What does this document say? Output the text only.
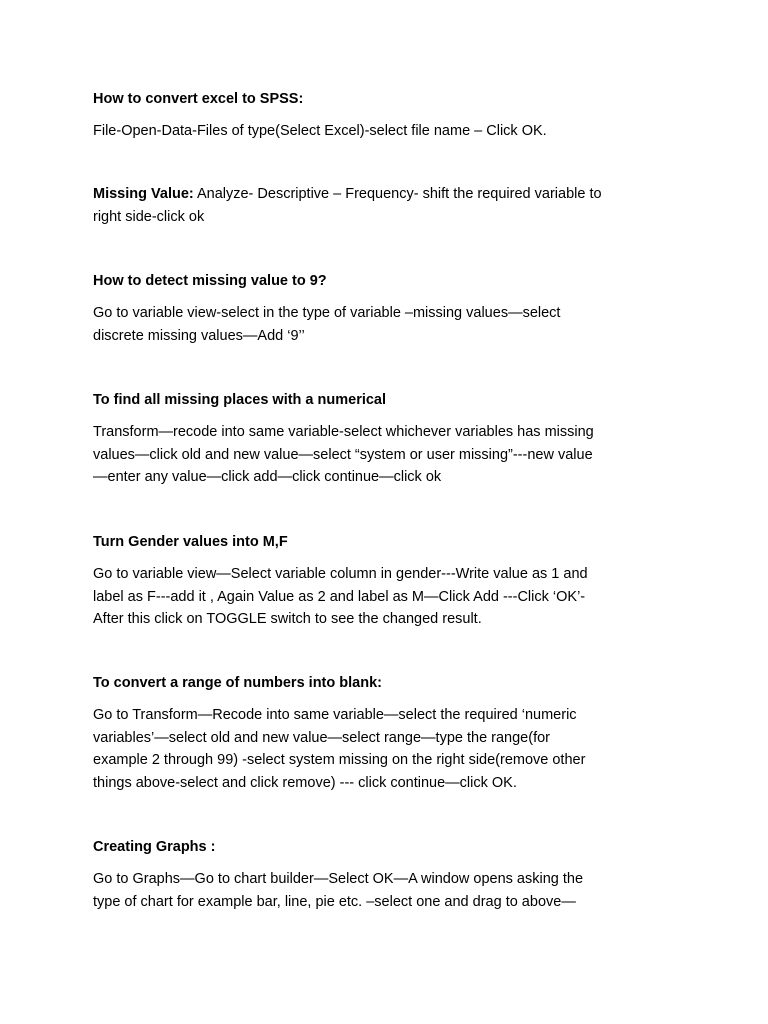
How to convert excel to SPSS:
File-Open-Data-Files of type(Select Excel)-select file name – Click OK.
Missing Value: Analyze- Descriptive – Frequency- shift the required variable to
right side-click ok
How to detect missing value to 9?
Go to variable view-select in the type of variable –missing values—select
discrete missing values—Add ‘9’’
To find all missing places with a numerical
Transform—recode into same variable-select whichever variables has missing
values—click old and new value—select “system or user missing”---new value
—enter any value—click add—click continue—click ok
Turn Gender values into M,F
Go to variable view—Select variable column in gender---Write value as 1 and
label as F---add it , Again Value as 2 and label as M—Click Add ---Click ‘OK’-
After this click on TOGGLE switch to see the changed result.
To convert a range of numbers into blank:
Go to Transform—Recode into same variable—select the required ‘numeric
variables’—select old and new value—select range—type the range(for
example 2 through 99) -select system missing on the right side(remove other
things above-select and click remove) --- click continue—click OK.
Creating Graphs :
Go to Graphs—Go to chart builder—Select OK—A window opens asking the
type of chart for example bar, line, pie etc. –select one and drag to above—
